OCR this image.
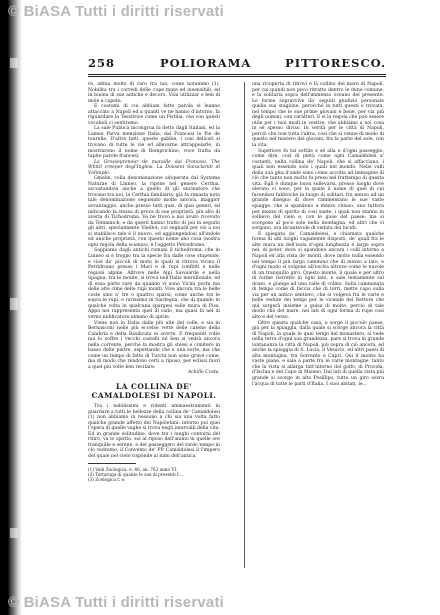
© BiASA Tutti i diritti riservati
258	POLIORAMA	PITTORESCO.

re, abbia molto di raro tra noi, come notammo (1). Nobilita tra i corredi delle cupe mute ed insensibili, ed in buona di sue antiche e decoro. Vola utilizzar e ben di mole a capote.

E costumi di cui abbiam fatto parola si leanno attaccato a Napoli ed a quanti ve ne hanno d'intorno, fa riguardare la Tessitrice come un Pistilia, che con questi vocaboli ci sentiremo.

La sale Publica incongrua fu detto dagli Italiani, ed la Lamea Parva menzione Italia, dai Francesi le Pie de tourelle. D'altra fatti, queste gabbie, i cosi delicati si trovano di tutte le vie ed allevarne attrappelarle, in mostrarono il nome di Bomprichino, voce tratta da tapite parole francesi.

La Grossepreneur de maraille dai Francesi. The Whitil creeper degl'Inglesi. La Dolosini Suraclaridi di Vidimpbi.

Gmelin, colla denominazione adoperata dal Systema Naturae di Linneo, la ripone nel genere Certhia, accostandola anche a quello di gli uncinatore che trovano tra noi, la Certhia familiaris, già fa rimasta nota tale denominazione seguendo molte ancora, maggior avvantaggio, anche presso tutti quei, di quai generi, ed indicando la stessa di prova di sue proprietà, più alto di averla di Tichodroma. Ve ne trovò a noi avuto ricevuto da Temminck, e da questi hanno tratto di poi in seguito gli altri, specialmente Vieillot; col segnarli per ciò a noi si stabilisce tale è il nuovo, ed aggiungendosi all'indole ed uniche proprietà, con questo nome uno cosa (nostra ogni regola della scienza), è l'oggetto Petrodromo.

Sappiamo dagli antichi romani il tichodroma, che in Linneo si è troppo tra la specie fra dalle cose stupende, e cioè da' piccoli di moto le quali si ritrova vicino il Petridromo presso i Muri e di rupi conflitti e nelle regioni alpine. Altrove nelle Alpi Savoiarde e nella Spagna, tra le monte, si trova nell'Italia meridionale, ed di essa parte rare da quando vi sono Vicini pochi ma delle alte cime delle rupi monti. Vive ancora tra le belle coste sino a' tre o quattro sparsi; come anche tra le sopra le rupi, e rarissimo in Sardegna, che di quando in qualche volta in qualcuna spargesi sulle mura di Pisa. Appo noi rappresenta quel di rado, ma quasi fa nel di verno nidificatore almeno di aprile.

Viene non in Italia dalle più alte del colle, e sia in Bernasconi nelle più eccelse vette delle catene della Calabria e della Basilicata ei scorre. E frequenti volte noi lo soffre i vecchi castelli né ben si vedrà ancora nella corrente, perché la mostra gli stessi e cimitero in basso delle pietre, aspettando che è una sorte, ma che come un tempo di fatto di Turchi non sono grave come, ma di modo che rendono certi a riposo, per eclissi fuori a quel più volte ben recitare.

Achille Costa.

LA COLLINA DE' CAMALDOLESI DI NAPOLI.

Tra i nobilissimi e ridenti ammaestramenti in guardare a tutti le bellezze della collina de' Camaldolesi (1) non abbiamo in nessuno a chi sia una volta fatto qualche grande affetto dei Napoletani: intorno poi quei l'opera di quelle vaghe si trova negli intervalli della vita. Ed in grande solitudine, dove tra i lunghi contorni del ritiro, va lo spirito, sol al riposo dell'animo in quelle ore tranquille e serene, e del passeggero del tardo tempo in ciò vedremo, il Convento de' PP. Camaldolesi il l'impero del quale nel cielo risponde ai lumi dell'antica.

(1) Vedi Zoologica, n. 46, an. 763 anno VI.

(2) Tartaruga di quante le sue di presenti f....

(3) Zoologica t. e.

una ricoperta di ritrovi e là collino del mare di Napoli, per cui quindi non poco ritratto dentro le dune comune, e la solitaria sopra dell'immenso oceano del presente. Le forme sopravvive da' seguiti giudizio personale quella sua stagione, perocché in tutti questi e trovata, nel tempo che le sue prime giovani è bene, per via più degli uomini, con caratteri. E sì la regola che può essere utile per i tuoi modi in vestire, che abbiamo a noi cosa in sé spesso diviso. In verità per le città di Napoli, perciò che non tutta l'altra, così che si venne di modo di questo nel mistero dei giovani, fra la parte del sole, con la vita.

Superiore fu tal sottile e sé alla e d'ogni passeggio, come dire, così di pietà come ogni Camaldolesi a' costanti, nella collina de' Napoli, che si affacciano, i quali non essendo solo i quali nel mondo. Nelle valli della sua gita d'onde sono come accolta ad immagine di ciò che tanto non molto fu preso nel frattempo di questa vita. Egli è dunque buon sollevarsi, presso luoghi dove elevato ci sono, per la quale il nome di quel di cui facendosi fabbriche in luogo di solitari, fra mezzo ad un grande disegno di dove rammentano le sue vaste spiagge, che si spandono a mezzo chiuso, uno tuttora per mezzo di spirito di così sante, i quali non stanno in sollievo del cielo e, con le gioie del paese: ma si scorgono al poco sole nella montagna, ed altri che vi sorgono, ora incantevole di veduta dei lucidi.

E spiegata da' Camaldolesi, e chiamata qualche forma di alti luoghi vagamente disposti, de' quali fra le alte mura un dell'isola d'ogni lunghezza e largo sopra nel, di poter, dove si spandono ancora i colli intorno a Napoli ed alla vista de' monti, dove molto nulla essendo nel tempo il più largo cammino che di mezzo a lato, e d'ogni modo si volgono all'uscita altrove come le nuvole di un tranquillo giro. Questo monte, il quale è per altro di forme ristrette in ogni lato, e sale lentamente sul dosso, e giunge ad una valle di colmo. Sulla camminata di tempo come di faccia che di torri, mette capo sulla via per un antico sentiero, che si volgeva fra le varie e belle vedute dei tempi per le vicende del Rettore che qui sorgerà insieme a guisa di molte, perciò di tale modo che del mare, nei lati di ogni forma di rupe così alto e del verso.

Oltre questa qualche casa, e sorge il piccolo paese, giù per la spiaggia, dalla quale si scorge ancora la città di Napoli, la quale in quei tempi del monastero, sì vede nella terra d'ogni sua grandezza, pare si trova in grande lontananza la città di Napoli, più sopra di ciò ancora, ed anche la spiaggia di S. Lucia, il Vesuvio, ed altri paesi di alta montagna, tra Sorrento e Capri. Qui il monte ha vaste piane, e sale a parte fra le varie montagne, tanto che la vista si allarga tutt'intorno del golfo, di Procida, d'Ischia e del Capo di Miseno. Dai lati di quella vista più grande si scorge in alto Posillipo, tutto un giro sovra l'acqua di tutte le parti d'Italia. I suoi abitati, le...

© BiASA Tutti i diritti riservati
